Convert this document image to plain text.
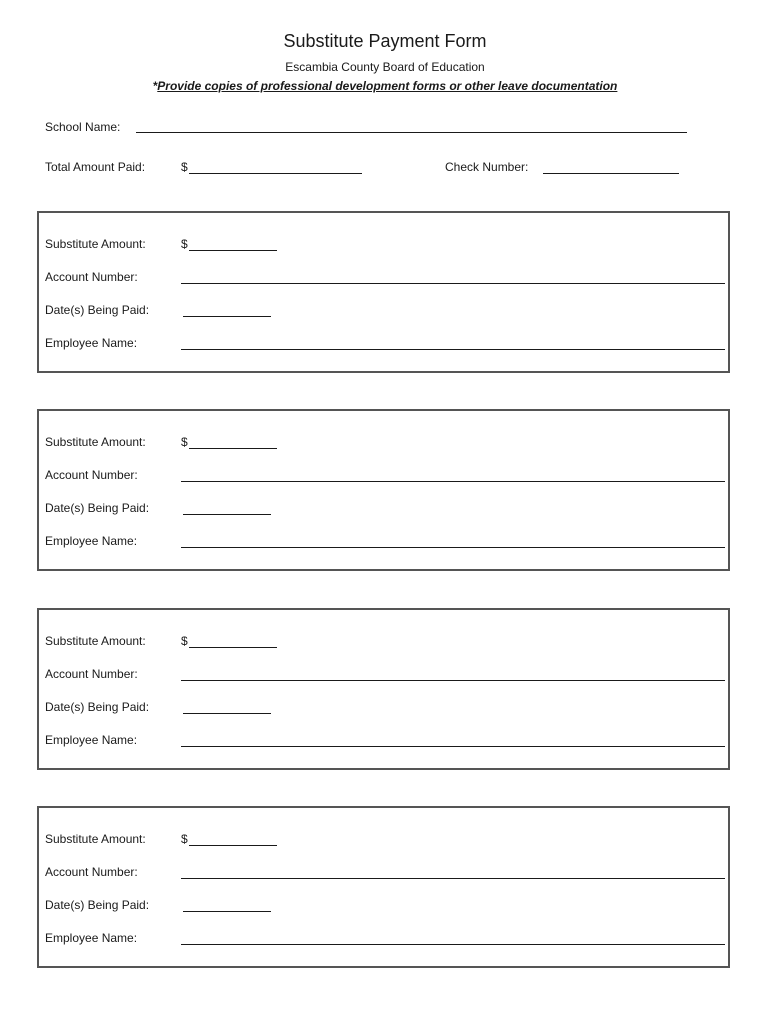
Substitute Payment Form
Escambia County Board of Education
*Provide copies of professional development forms or other leave documentation
School Name:
Total Amount Paid:	$	Check Number:
Substitute Amount:	$
Account Number:
Date(s) Being Paid:
Employee Name:
Substitute Amount:	$
Account Number:
Date(s) Being Paid:
Employee Name:
Substitute Amount:	$
Account Number:
Date(s) Being Paid:
Employee Name:
Substitute Amount:	$
Account Number:
Date(s) Being Paid:
Employee Name:
